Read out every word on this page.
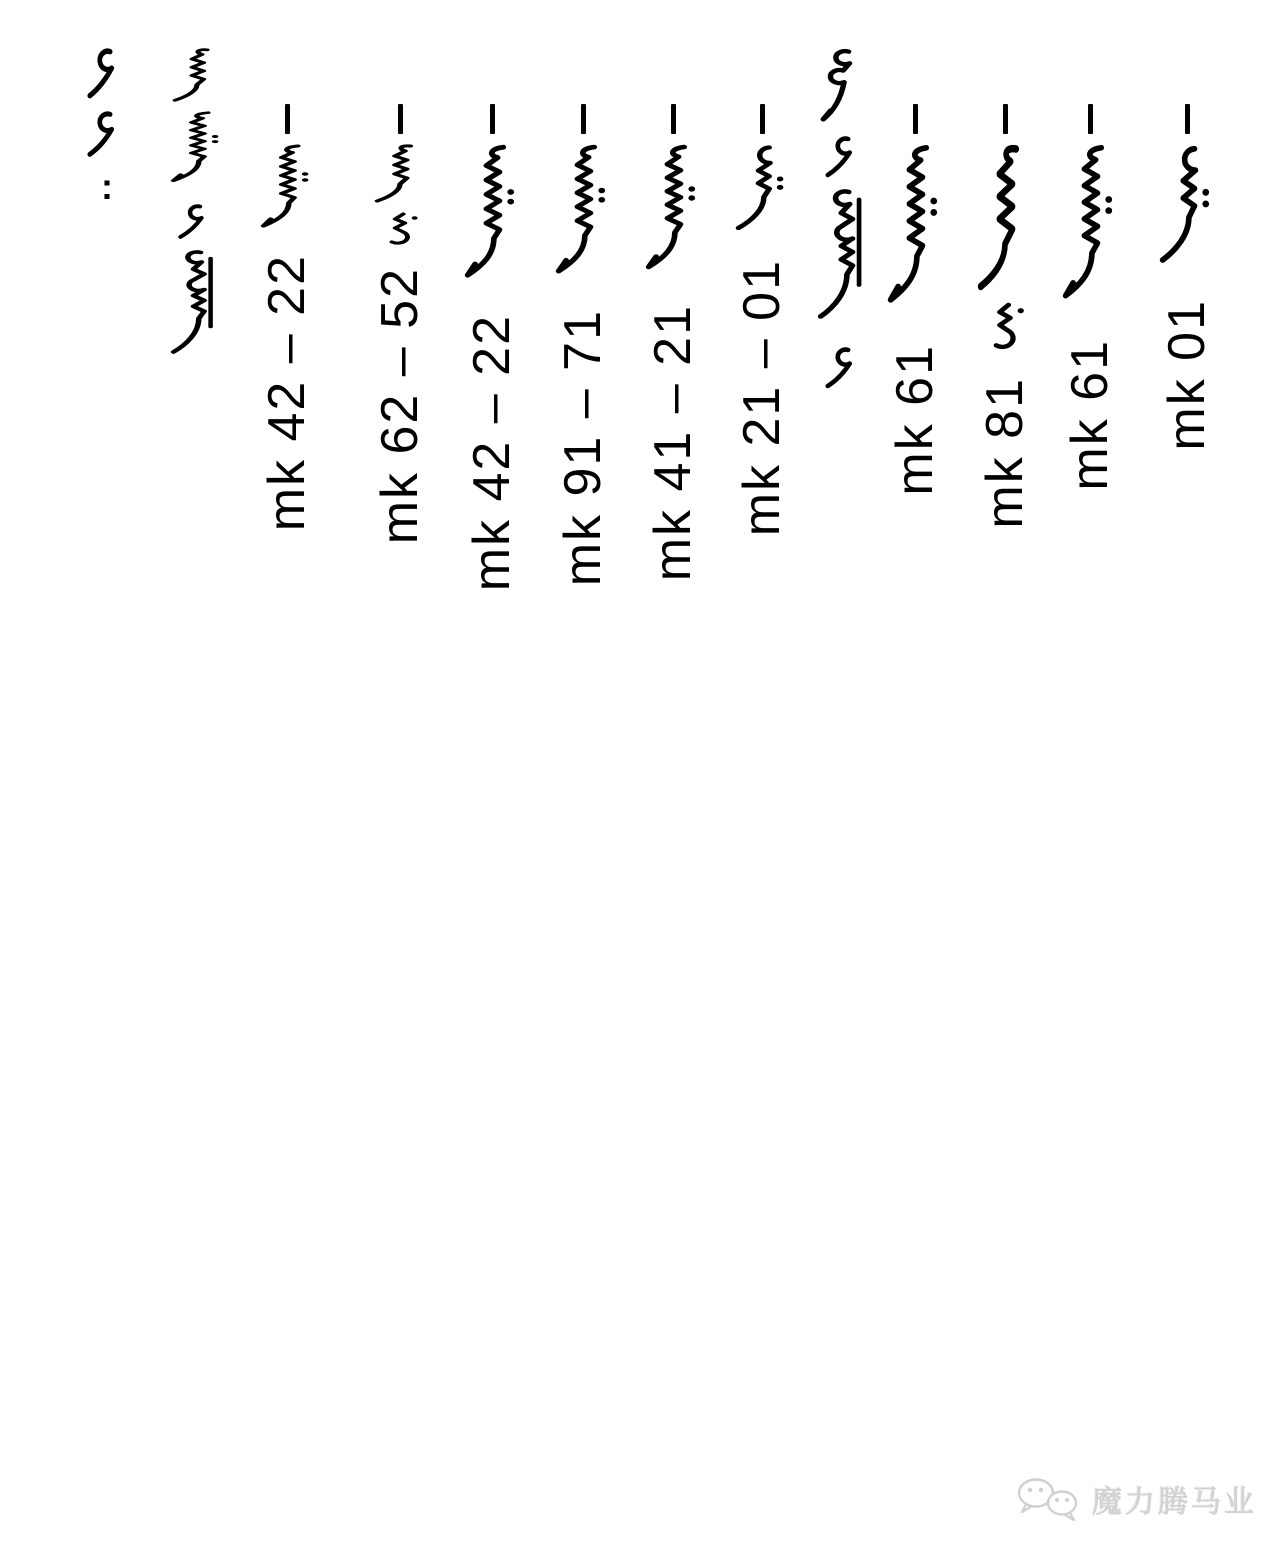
mk 01
mk 61
mk 81
mk 61
mk 21 – 01
mk 41 – 21
mk 91 – 71
mk 42 – 22
mk 62 – 52
mk 42 – 22
:
魔力腾马业
